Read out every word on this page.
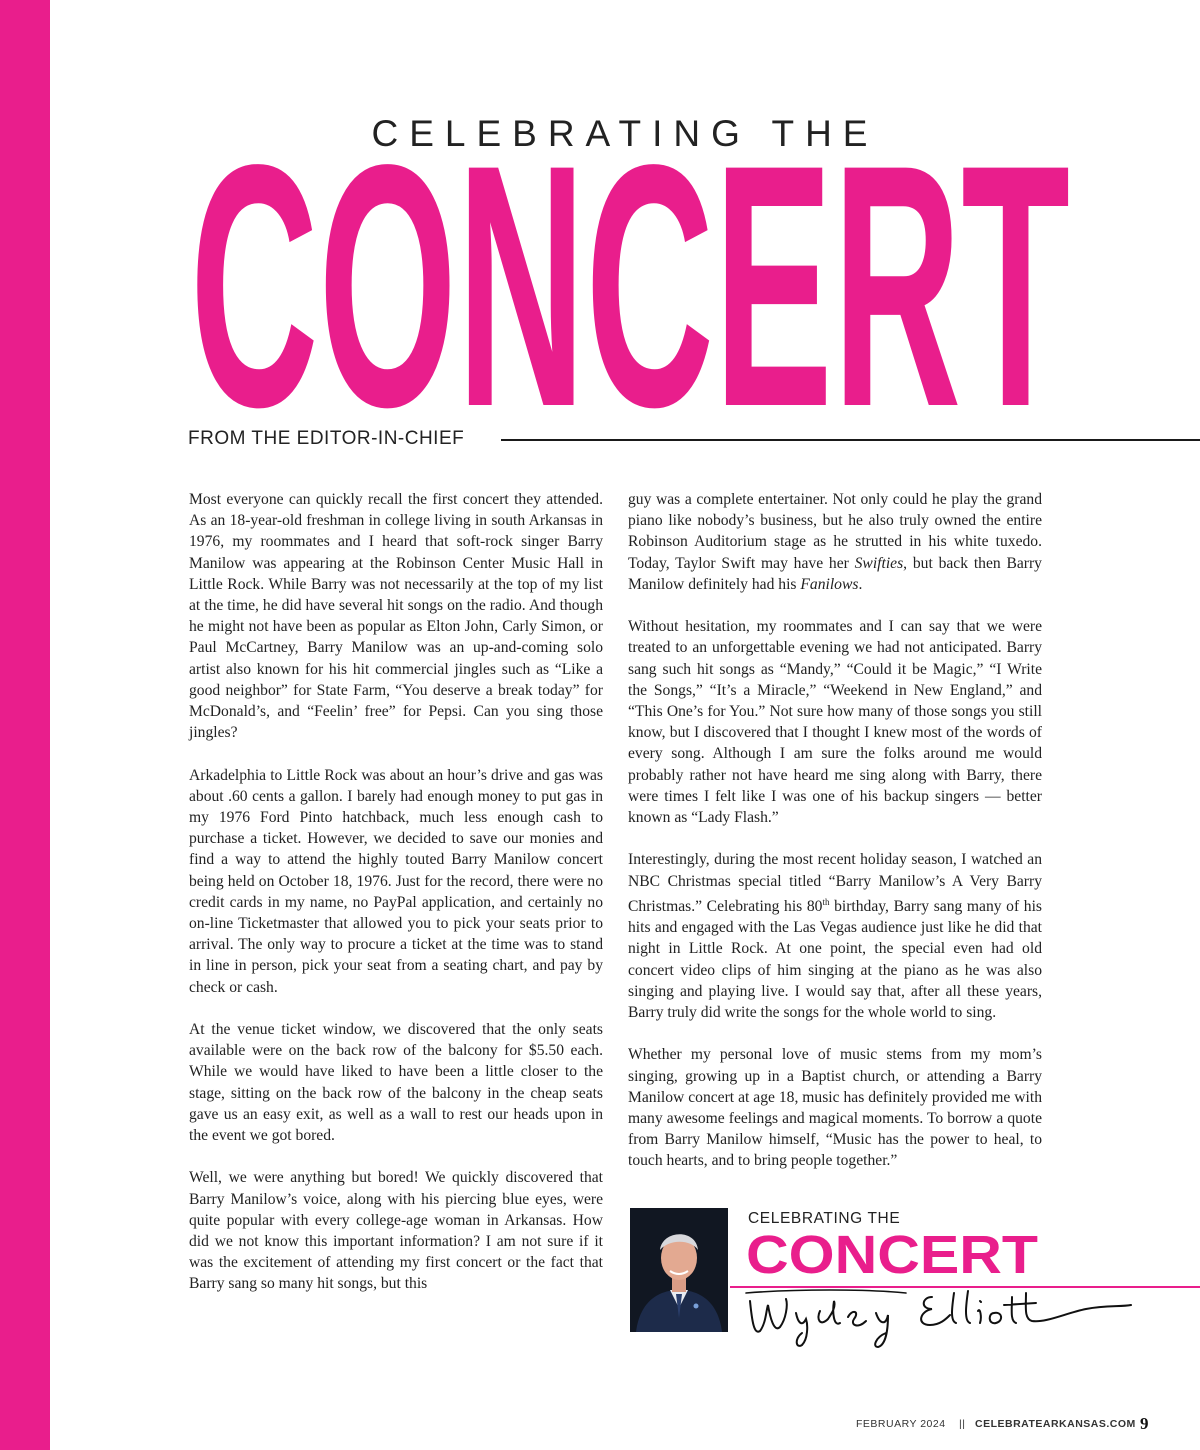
CELEBRATING THE
CONCERT
FROM THE EDITOR-IN-CHIEF

Most everyone can quickly recall the first concert they attended. As an 18-year-old freshman in college living in south Arkansas in 1976, my roommates and I heard that soft-rock singer Barry Manilow was appearing at the Robinson Center Music Hall in Little Rock. While Barry was not necessarily at the top of my list at the time, he did have several hit songs on the radio. And though he might not have been as popular as Elton John, Carly Simon, or Paul McCartney, Barry Manilow was an up-and-coming solo artist also known for his hit commercial jingles such as “Like a good neighbor” for State Farm, “You deserve a break today” for McDonald’s, and “Feelin’ free” for Pepsi. Can you sing those jingles?

Arkadelphia to Little Rock was about an hour’s drive and gas was about .60 cents a gallon. I barely had enough money to put gas in my 1976 Ford Pinto hatchback, much less enough cash to purchase a ticket. However, we decided to save our monies and find a way to attend the highly touted Barry Manilow concert being held on October 18, 1976. Just for the record, there were no credit cards in my name, no PayPal application, and certainly no on-line Ticketmaster that allowed you to pick your seats prior to arrival. The only way to procure a ticket at the time was to stand in line in person, pick your seat from a seating chart, and pay by check or cash.

At the venue ticket window, we discovered that the only seats available were on the back row of the balcony for $5.50 each. While we would have liked to have been a little closer to the stage, sitting on the back row of the balcony in the cheap seats gave us an easy exit, as well as a wall to rest our heads upon in the event we got bored.

Well, we were anything but bored! We quickly discovered that Barry Manilow’s voice, along with his piercing blue eyes, were quite popular with every college-age woman in Arkansas. How did we not know this important information? I am not sure if it was the excitement of attending my first concert or the fact that Barry sang so many hit songs, but this

guy was a complete entertainer. Not only could he play the grand piano like nobody’s business, but he also truly owned the entire Robinson Auditorium stage as he strutted in his white tuxedo. Today, Taylor Swift may have her Swifties, but back then Barry Manilow definitely had his Fanilows.

Without hesitation, my roommates and I can say that we were treated to an unforgettable evening we had not anticipated. Barry sang such hit songs as “Mandy,” “Could it be Magic,” “I Write the Songs,” “It’s a Miracle,” “Weekend in New England,” and “This One’s for You.” Not sure how many of those songs you still know, but I discovered that I thought I knew most of the words of every song. Although I am sure the folks around me would probably rather not have heard me sing along with Barry, there were times I felt like I was one of his backup singers — better known as “Lady Flash.”

Interestingly, during the most recent holiday season, I watched an NBC Christmas special titled “Barry Manilow’s A Very Barry Christmas.” Celebrating his 80th birthday, Barry sang many of his hits and engaged with the Las Vegas audience just like he did that night in Little Rock. At one point, the special even had old concert video clips of him singing at the piano as he was also singing and playing live. I would say that, after all these years, Barry truly did write the songs for the whole world to sing.

Whether my personal love of music stems from my mom’s singing, growing up in a Baptist church, or attending a Barry Manilow concert at age 18, music has definitely provided me with many awesome feelings and magical moments. To borrow a quote from Barry Manilow himself, “Music has the power to heal, to touch hearts, and to bring people together.”

CELEBRATING THE
CONCERT
FEBRUARY 2024 || CELEBRATEARKANSAS.COM 9
